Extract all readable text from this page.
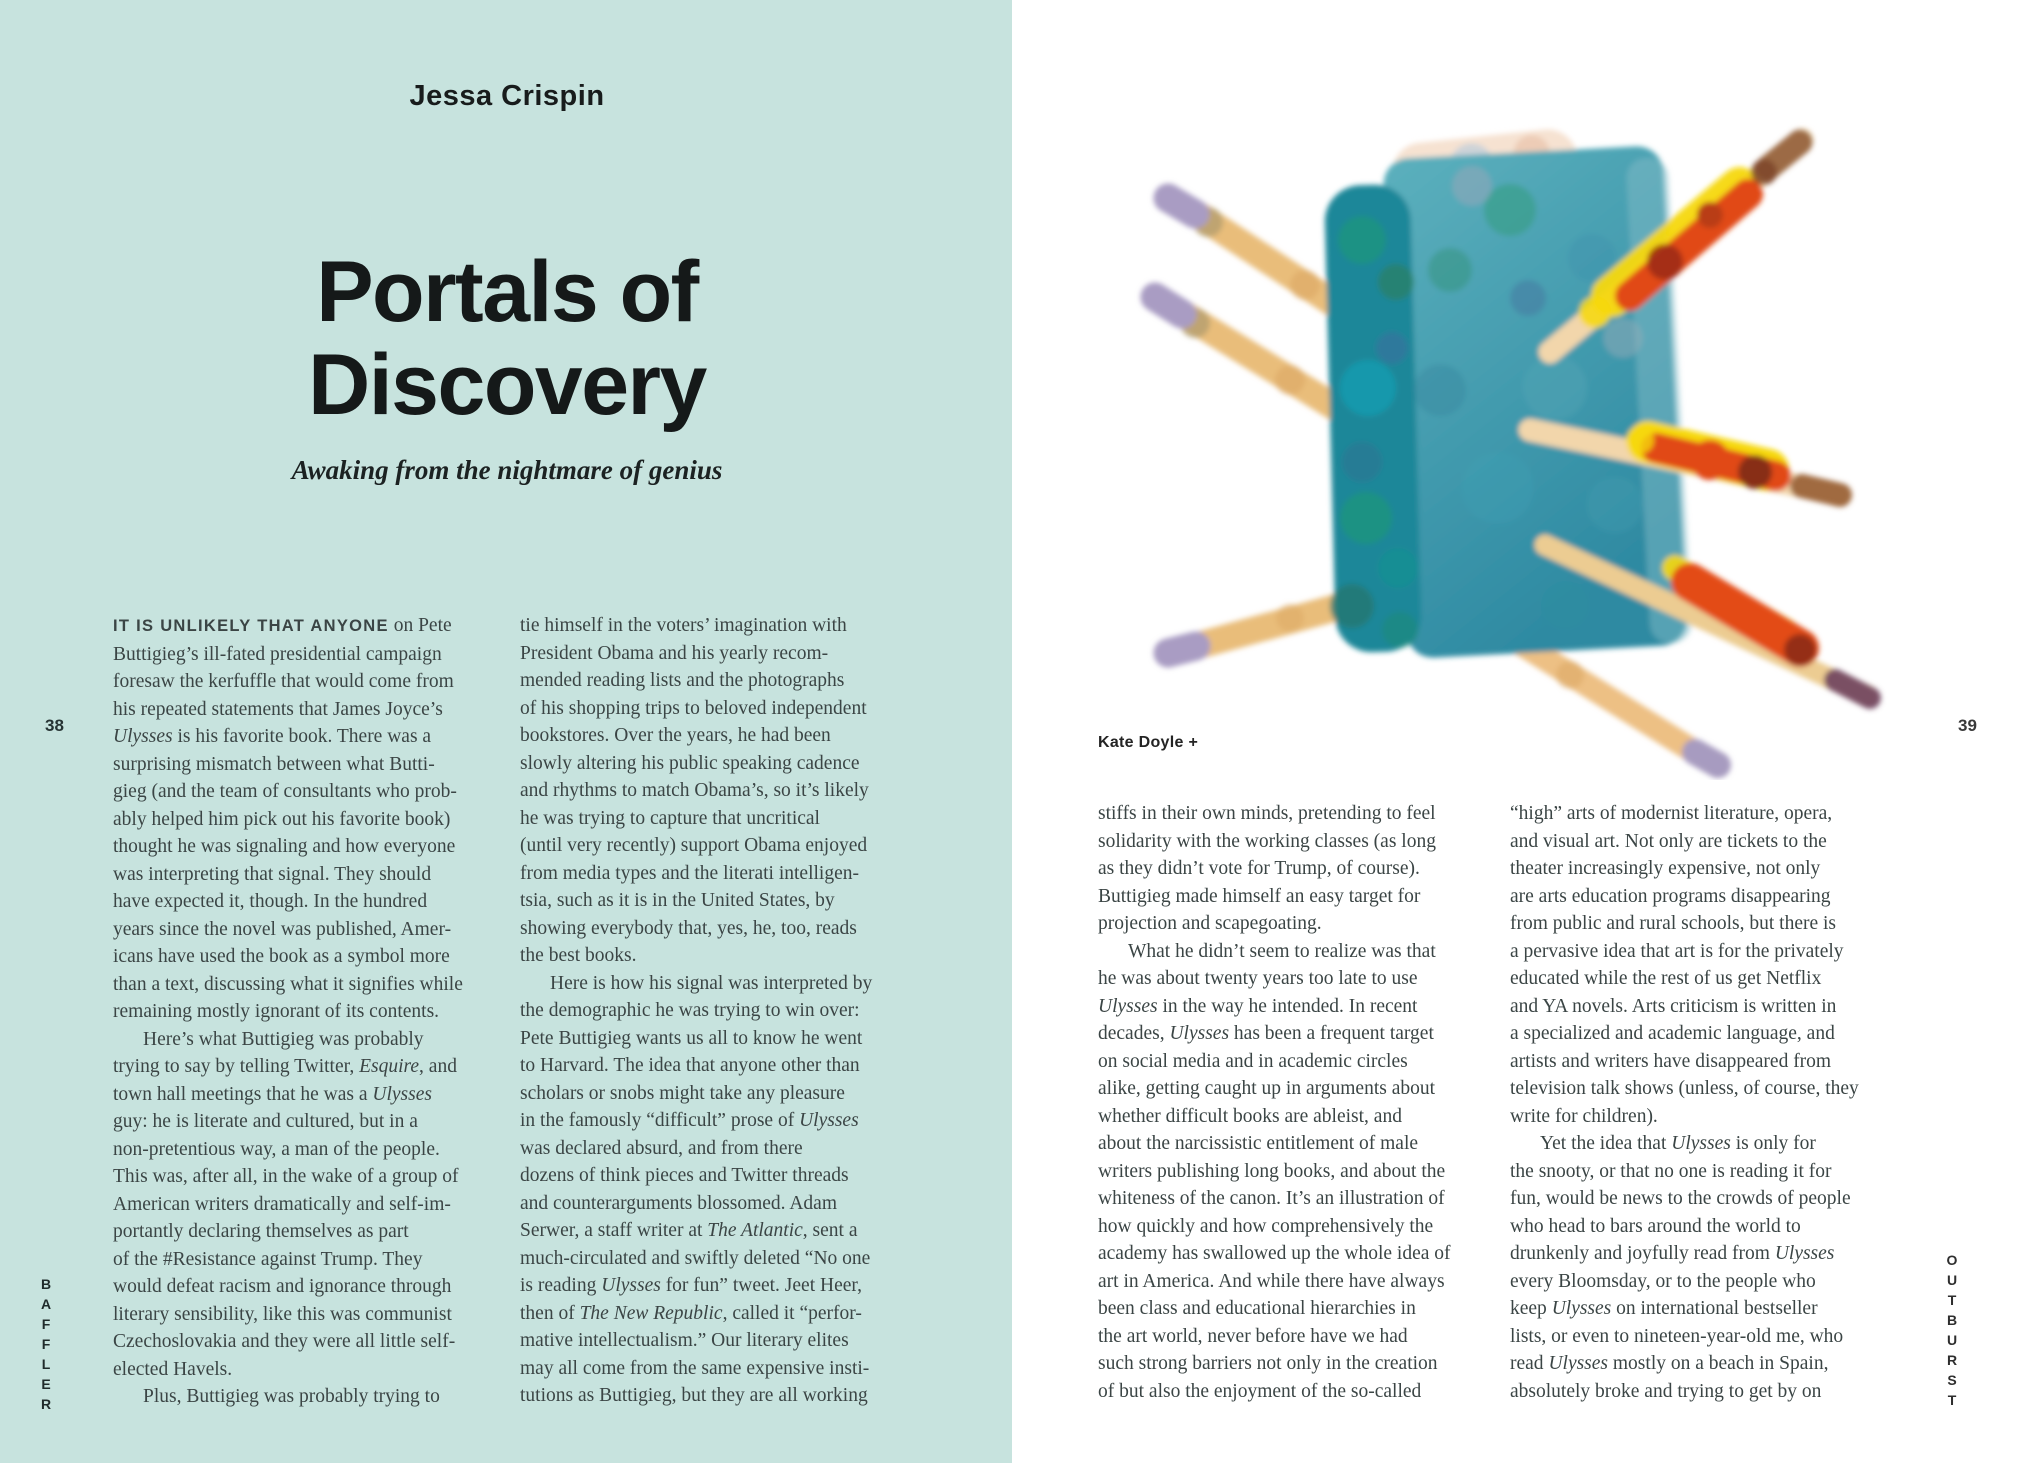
Jessa Crispin
Portals of
Discovery
Awaking from the nightmare of genius
38
BAFFLER
IT IS UNLIKELY THAT ANYONE on Pete
Buttigieg’s ill-fated presidential campaign
foresaw the kerfuffle that would come from
his repeated statements that James Joyce’s
Ulysses is his favorite book. There was a
surprising mismatch between what Butti-
gieg (and the team of consultants who prob-
ably helped him pick out his favorite book)
thought he was signaling and how everyone
was interpreting that signal. They should
have expected it, though. In the hundred
years since the novel was published, Amer-
icans have used the book as a symbol more
than a text, discussing what it signifies while
remaining mostly ignorant of its contents.
Here’s what Buttigieg was probably
trying to say by telling Twitter, Esquire, and
town hall meetings that he was a Ulysses
guy: he is literate and cultured, but in a
non-pretentious way, a man of the people.
This was, after all, in the wake of a group of
American writers dramatically and self-im-
portantly declaring themselves as part
of the #Resistance against Trump. They
would defeat racism and ignorance through
literary sensibility, like this was communist
Czechoslovakia and they were all little self-
elected Havels.
Plus, Buttigieg was probably trying to
tie himself in the voters’ imagination with
President Obama and his yearly recom-
mended reading lists and the photographs
of his shopping trips to beloved independent
bookstores. Over the years, he had been
slowly altering his public speaking cadence
and rhythms to match Obama’s, so it’s likely
he was trying to capture that uncritical
(until very recently) support Obama enjoyed
from media types and the literati intelligen-
tsia, such as it is in the United States, by
showing everybody that, yes, he, too, reads
the best books.
Here is how his signal was interpreted by
the demographic he was trying to win over:
Pete Buttigieg wants us all to know he went
to Harvard. The idea that anyone other than
scholars or snobs might take any pleasure
in the famously “difficult” prose of Ulysses
was declared absurd, and from there
dozens of think pieces and Twitter threads
and counterarguments blossomed. Adam
Serwer, a staff writer at The Atlantic, sent a
much-circulated and swiftly deleted “No one
is reading Ulysses for fun” tweet. Jeet Heer,
then of The New Republic, called it “perfor-
mative intellectualism.” Our literary elites
may all come from the same expensive insti-
tutions as Buttigieg, but they are all working
Kate Doyle +
39
OUTBURST
stiffs in their own minds, pretending to feel
solidarity with the working classes (as long
as they didn’t vote for Trump, of course).
Buttigieg made himself an easy target for
projection and scapegoating.
What he didn’t seem to realize was that
he was about twenty years too late to use
Ulysses in the way he intended. In recent
decades, Ulysses has been a frequent target
on social media and in academic circles
alike, getting caught up in arguments about
whether difficult books are ableist, and
about the narcissistic entitlement of male
writers publishing long books, and about the
whiteness of the canon. It’s an illustration of
how quickly and how comprehensively the
academy has swallowed up the whole idea of
art in America. And while there have always
been class and educational hierarchies in
the art world, never before have we had
such strong barriers not only in the creation
of but also the enjoyment of the so-called
“high” arts of modernist literature, opera,
and visual art. Not only are tickets to the
theater increasingly expensive, not only
are arts education programs disappearing
from public and rural schools, but there is
a pervasive idea that art is for the privately
educated while the rest of us get Netflix
and YA novels. Arts criticism is written in
a specialized and academic language, and
artists and writers have disappeared from
television talk shows (unless, of course, they
write for children).
Yet the idea that Ulysses is only for
the snooty, or that no one is reading it for
fun, would be news to the crowds of people
who head to bars around the world to
drunkenly and joyfully read from Ulysses
every Bloomsday, or to the people who
keep Ulysses on international bestseller
lists, or even to nineteen-year-old me, who
read Ulysses mostly on a beach in Spain,
absolutely broke and trying to get by on
